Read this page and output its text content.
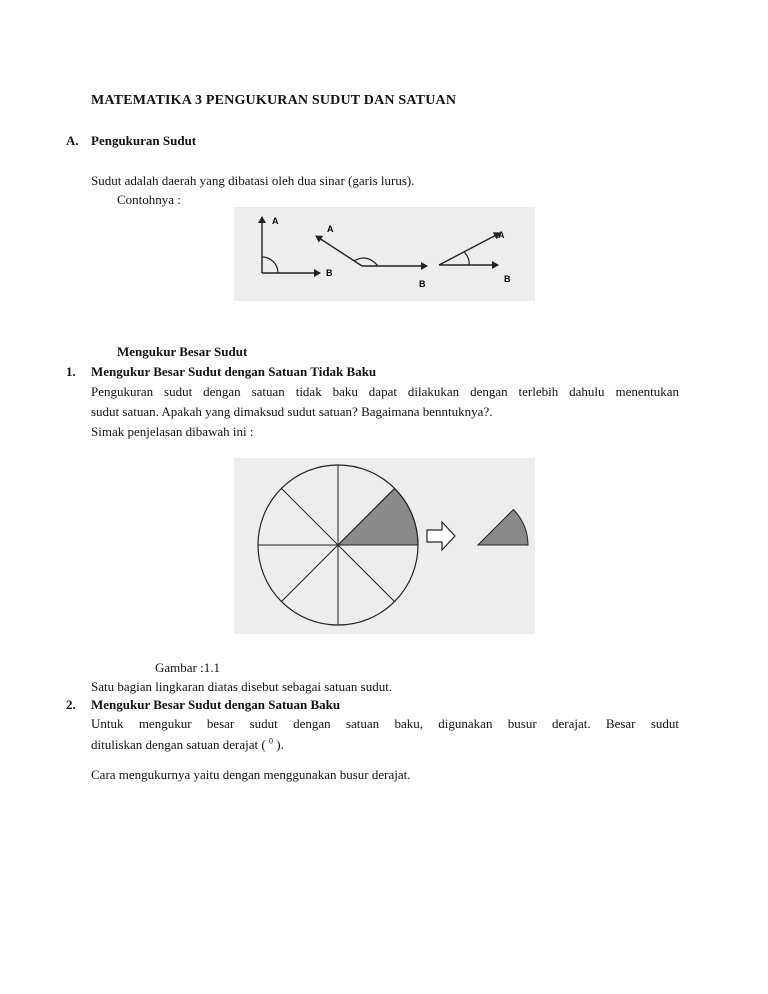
MATEMATIKA 3 PENGUKURAN SUDUT DAN SATUAN
A. Pengukuran Sudut
Sudut adalah daerah yang dibatasi oleh dua sinar (garis lurus).
Contohnya :
A
B
A
B
A
B
Mengukur Besar Sudut
1. Mengukur Besar Sudut dengan Satuan Tidak Baku
Pengukuran sudut dengan satuan tidak baku dapat dilakukan dengan terlebih dahulu menentukan
sudut satuan. Apakah yang dimaksud sudut satuan? Bagaimana benntuknya?.
Simak penjelasan dibawah ini :
Gambar :1.1
Satu bagian lingkaran diatas disebut sebagai satuan sudut.
2. Mengukur Besar Sudut dengan Satuan Baku
Untuk mengukur besar sudut dengan satuan baku, digunakan busur derajat. Besar sudut
dituliskan dengan satuan derajat ( $^0$ ).
Cara mengukurnya yaitu dengan menggunakan busur derajat.
